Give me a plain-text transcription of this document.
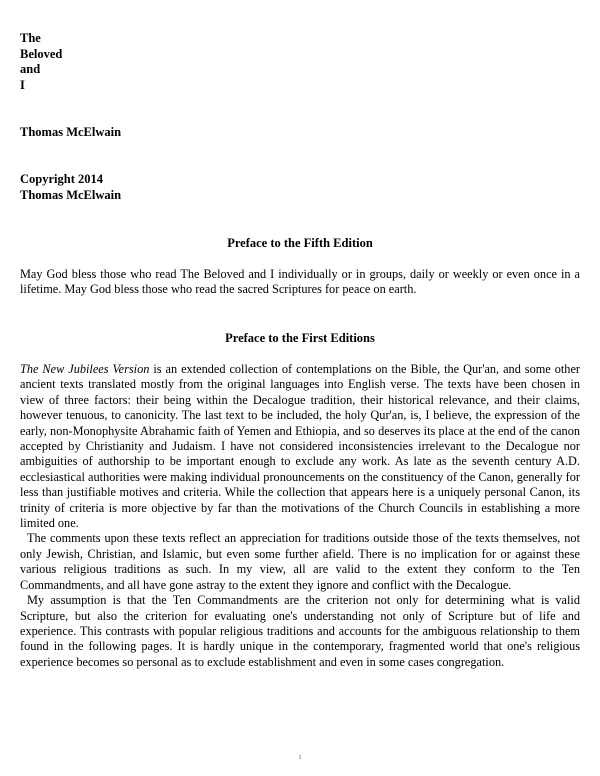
The
Beloved
and
I
Thomas McElwain
Copyright 2014
Thomas McElwain
Preface to the Fifth Edition

May God bless those who read The Beloved and I individually or in groups, daily or weekly or even once in a lifetime. May God bless those who read the sacred Scriptures for peace on earth.

Preface to the First Editions

The New Jubilees Version is an extended collection of contemplations on the Bible, the Qur'an, and some other ancient texts translated mostly from the original languages into English verse. The texts have been chosen in view of three factors: their being within the Decalogue tradition, their historical relevance, and their claims, however tenuous, to canonicity. The last text to be included, the holy Qur'an, is, I believe, the expression of the early, non-Monophysite Abrahamic faith of Yemen and Ethiopia, and so deserves its place at the end of the canon accepted by Christianity and Judaism. I have not considered inconsistencies irrelevant to the Decalogue nor ambiguities of authorship to be important enough to exclude any work. As late as the seventh century A.D. ecclesiastical authorities were making individual pronouncements on the constituency of the Canon, generally for less than justifiable motives and criteria. While the collection that appears here is a uniquely personal Canon, its trinity of criteria is more objective by far than the motivations of the Church Councils in establishing a more limited one.

The comments upon these texts reflect an appreciation for traditions outside those of the texts themselves, not only Jewish, Christian, and Islamic, but even some further afield. There is no implication for or against these various religious traditions as such. In my view, all are valid to the extent they conform to the Ten Commandments, and all have gone astray to the extent they ignore and conflict with the Decalogue.

My assumption is that the Ten Commandments are the criterion not only for determining what is valid Scripture, but also the criterion for evaluating one's understanding not only of Scripture but of life and experience. This contrasts with popular religious traditions and accounts for the ambiguous relationship to them found in the following pages. It is hardly unique in the contemporary, fragmented world that one's religious experience becomes so personal as to exclude establishment and even in some cases congregation.

1
